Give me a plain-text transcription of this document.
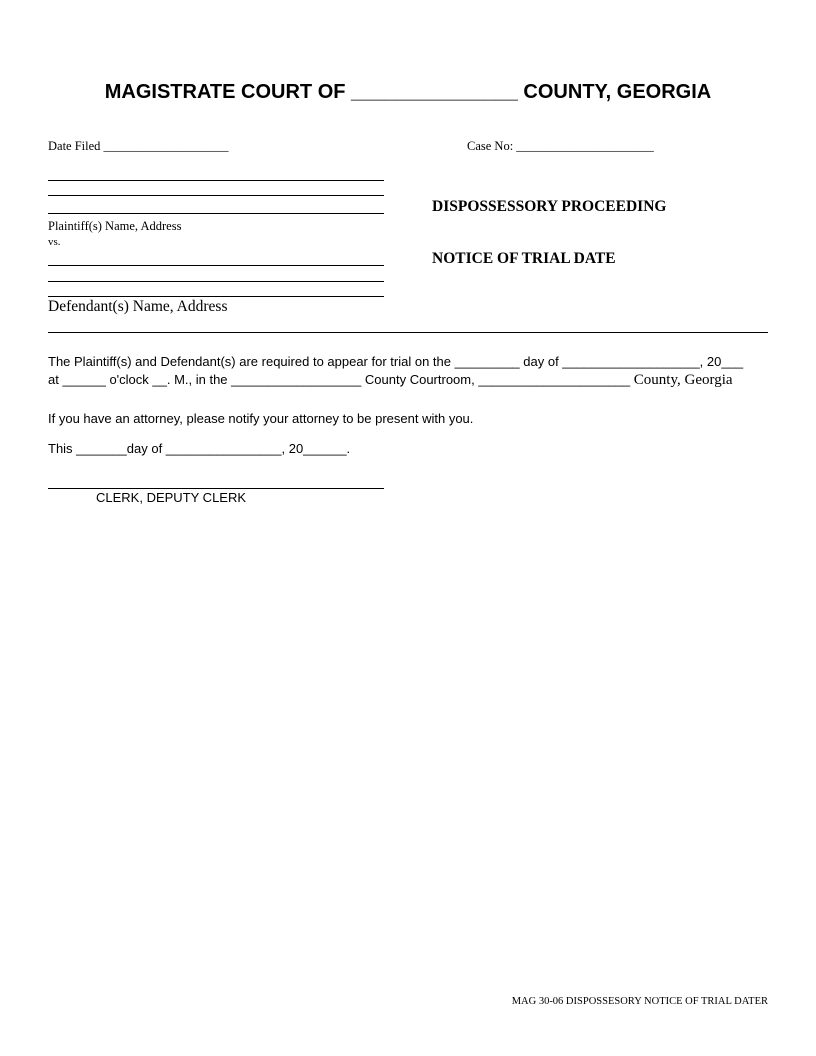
MAGISTRATE COURT OF _______________ COUNTY, GEORGIA
Date Filed ____________________	Case No: ______________________
Plaintiff(s) Name, Address
vs.
Defendant(s) Name, Address
DISPOSSESSORY PROCEEDING
NOTICE OF TRIAL DATE
The Plaintiff(s) and Defendant(s) are required to appear for trial on the _________ day of ___________________, 20___
at ______ o'clock __. M., in the __________________ County Courtroom, _____________________ County, Georgia
If you have an attorney, please notify your attorney to be present with you.
This _______day of ________________, 20______.
CLERK, DEPUTY CLERK
MAG 30-06 DISPOSSESORY NOTICE OF TRIAL DATER
